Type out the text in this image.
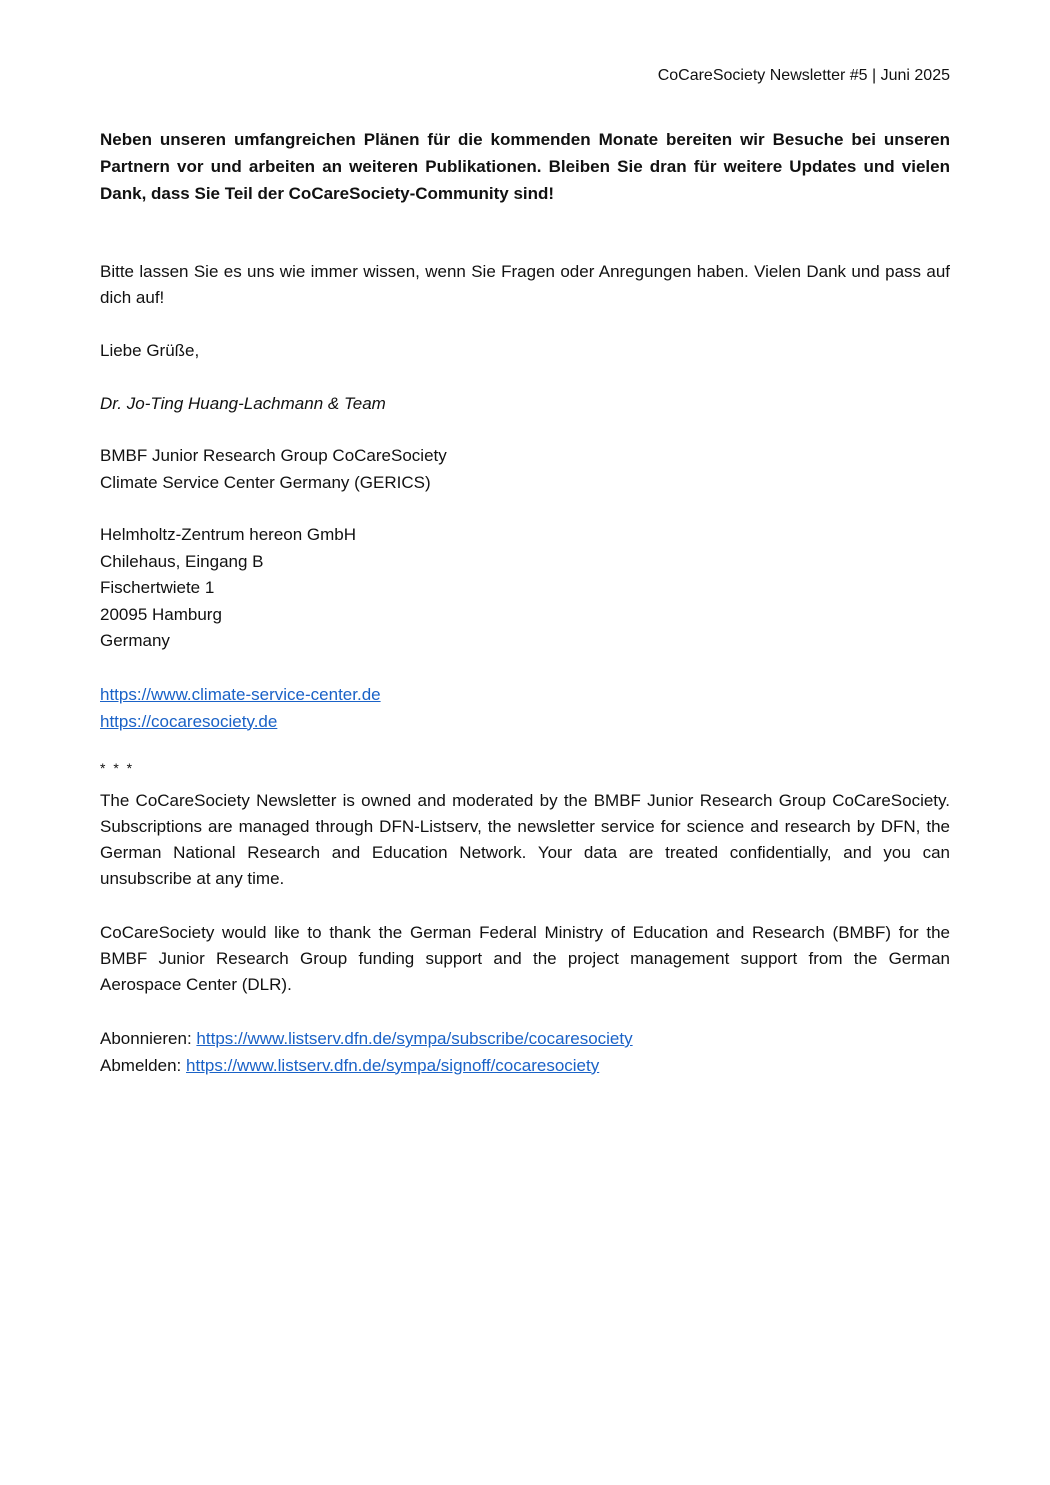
CoCareSociety Newsletter #5 | Juni 2025

Neben unseren umfangreichen Plänen für die kommenden Monate bereiten wir Besuche bei unseren Partnern vor und arbeiten an weiteren Publikationen. Bleiben Sie dran für weitere Updates und vielen Dank, dass Sie Teil der CoCareSociety-Community sind!

Bitte lassen Sie es uns wie immer wissen, wenn Sie Fragen oder Anregungen haben. Vielen Dank und pass auf dich auf!

Liebe Grüße,
Dr. Jo-Ting Huang-Lachmann & Team
BMBF Junior Research Group CoCareSociety
Climate Service Center Germany (GERICS)
Helmholtz-Zentrum hereon GmbH
Chilehaus, Eingang B
Fischertwiete 1
20095 Hamburg
Germany
https://www.climate-service-center.de
https://cocaresociety.de
* * *

The CoCareSociety Newsletter is owned and moderated by the BMBF Junior Research Group CoCareSociety. Subscriptions are managed through DFN-Listserv, the newsletter service for science and research by DFN, the German National Research and Education Network. Your data are treated confidentially, and you can unsubscribe at any time.

CoCareSociety would like to thank the German Federal Ministry of Education and Research (BMBF) for the BMBF Junior Research Group funding support and the project management support from the German Aerospace Center (DLR).

Abonnieren: https://www.listserv.dfn.de/sympa/subscribe/cocaresociety
Abmelden: https://www.listserv.dfn.de/sympa/signoff/cocaresociety
